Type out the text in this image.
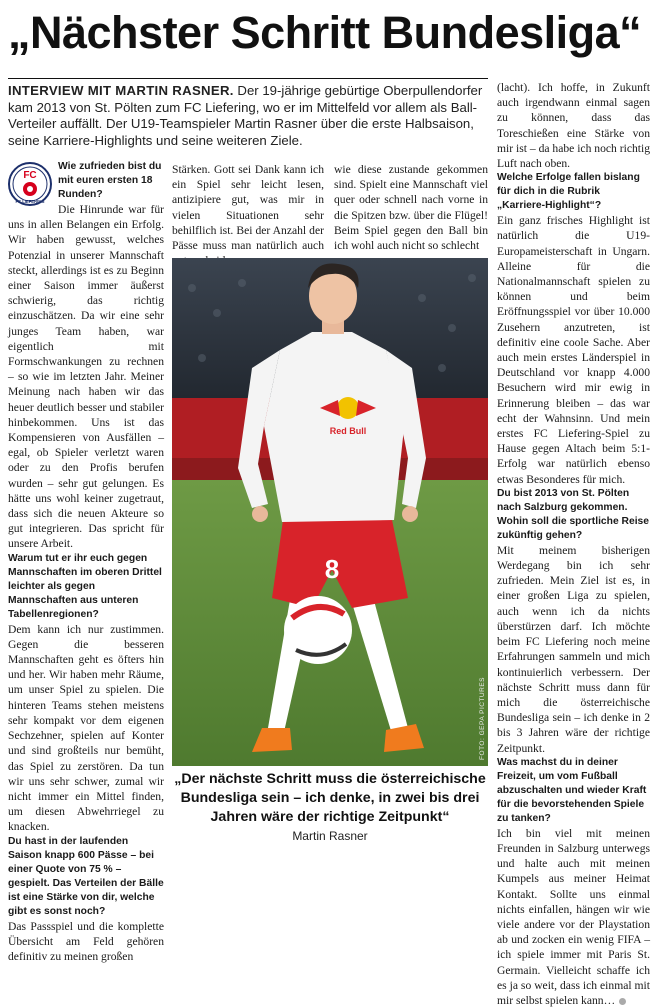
„Nächster Schritt Bundesliga“
INTERVIEW MIT MARTIN RASNER. Der 19-jährige gebürtige Oberpullendorfer kam 2013 von St. Pölten zum FC Liefering, wo er im Mittelfeld vor allem als Ball-Verteiler auffällt. Der U19-Teamspieler Martin Rasner über die erste Halbsaison, seine Karriere-Highlights und seine weiteren Ziele.
FC
FC LIEFERING

Wie zufrieden bist du mit euren ersten 18 Runden?

Die Hinrunde war für uns in allen Belangen ein Erfolg. Wir haben gewusst, welches Potenzial in unserer Mannschaft steckt, allerdings ist es zu Beginn einer Saison immer äußerst schwierig, das richtig einzuschätzen. Da wir eine sehr junges Team haben, war eigentlich mit Formschwankungen zu rechnen – so wie im letzten Jahr. Meiner Meinung nach haben wir das heuer deutlich besser und stabiler hinbekommen. Uns ist das Kompensieren von Ausfällen – egal, ob Spieler verletzt waren oder zu den Profis berufen wurden – sehr gut gelungen. Es hätte uns wohl keiner zugetraut, dass sich die neuen Akteure so gut integrieren. Das spricht für unsere Arbeit.

Warum tut er ihr euch gegen Mannschaften im oberen Drittel leichter als gegen Mannschaften aus unteren Tabellenregionen?

Dem kann ich nur zustimmen. Gegen die besseren Mannschaften geht es öfters hin und her. Wir haben mehr Räume, um unser Spiel zu spielen. Die hinteren Teams stehen meistens sehr kompakt vor dem eigenen Sechzehner, spielen auf Konter und sind großteils nur bemüht, das Spiel zu zerstören. Da tun wir uns sehr schwer, zumal wir nicht immer ein Mittel finden, um diesen Abwehrriegel zu knacken.

Du hast in der laufenden Saison knapp 600 Pässe – bei einer Quote von 75 % – gespielt. Das Verteilen der Bälle ist eine Stärke von dir, welche gibt es sonst noch?

Das Passspiel und die komplette Übersicht am Feld gehören definitiv zu meinen großen

Stärken. Gott sei Dank kann ich ein Spiel sehr leicht lesen, antizipiere gut, was mir in vielen Situationen sehr behilflich ist. Bei der Anzahl der Pässe muss man natürlich auch

wie diese zustande gekommen sind. Spielt eine Mannschaft viel quer oder schnell nach vorne in die Spitzen bzw. über die Flügel! Beim Spiel gegen den Ball bin ich wohl auch nicht so schlecht

(lacht). Ich hoffe, in Zukunft auch irgendwann einmal sagen zu können, dass das Toreschießen eine Stärke von mir ist – da habe ich noch richtig Luft nach oben.

Welche Erfolge fallen bislang für dich in die Rubrik „Karriere-Highlight“?

Ein ganz frisches Highlight ist natürlich die U19-Europameisterschaft in Ungarn. Alleine für die Nationalmannschaft spielen zu können und beim Eröffnungsspiel vor über 10.000 Zusehern anzutreten, ist definitiv eine coole Sache. Aber auch mein erstes Länderspiel in Deutschland vor knapp 4.000 Besuchern wird mir ewig in Erinnerung bleiben – das war echt der Wahnsinn. Und mein erstes FC Liefering-Spiel zu Hause gegen Altach beim 5:1-Erfolg war natürlich ebenso etwas Besonderes für mich.

Du bist 2013 von St. Pölten nach Salzburg gekommen. Wohin soll die sportliche Reise zukünftig gehen?

Mit meinem bisherigen Werdegang bin ich sehr zufrieden. Mein Ziel ist es, in einer großen Liga zu spielen, auch wenn ich da nichts überstürzen darf. Ich möchte beim FC Liefering noch meine Erfahrungen sammeln und mich kontinuierlich verbessern. Der nächste Schritt muss dann für mich die österreichische Bundesliga sein – ich denke in 2 bis 3 Jahren wäre der richtige Zeitpunkt.

Was machst du in deiner Freizeit, um vom Fußball abzuschalten und wieder Kraft für die bevorstehenden Spiele zu tanken?

Ich bin viel mit meinen Freunden in Salzburg unterwegs und halte auch mit meinen Kumpels aus meiner Heimat Kontakt. Sollte uns einmal nichts einfallen, hängen wir wie viele andere vor der Playstation ab und zocken ein wenig FIFA – ich spiele immer mit Paris St. Germain. Vielleicht schaffe ich es ja so weit, dass ich einmal mit mir selbst spielen kann…

8
Red Bull
FOTO: GEPA PICTURES
„Der nächste Schritt muss die österreichische Bundesliga sein – ich denke, in zwei bis drei Jahren wäre der richtige Zeitpunkt“
Martin Rasner
